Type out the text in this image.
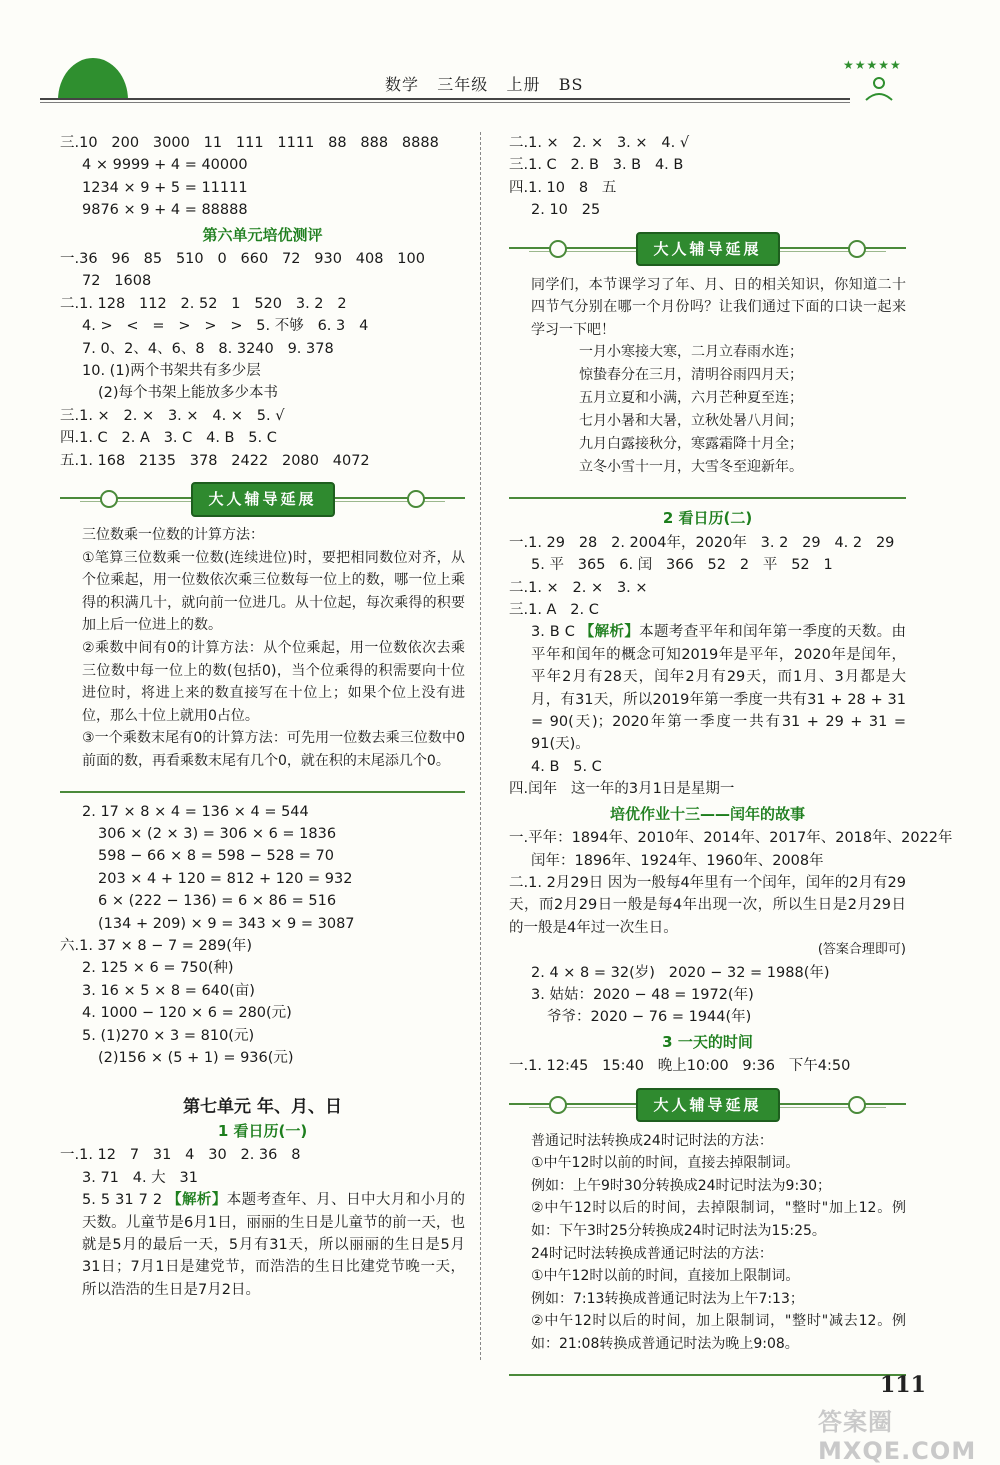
数学   三年级   上册   BS
★★★★★
三.10   200   3000   11   111   1111   88   888   8888
4 × 9999 + 4 = 40000
1234 × 9 + 5 = 11111
9876 × 9 + 4 = 88888
第六单元培优测评
一.36   96   85   510   0   660   72   930   408   100
72   1608
二.1. 128   112   2. 52   1   520   3. 2   2
4. >   <   =   >   >   >   5. 不够   6. 3   4
7. 0、2、4、6、8   8. 3240   9. 378
10. (1)两个书架共有多少层
(2)每个书架上能放多少本书
三.1. ×   2. ×   3. ×   4. ×   5. √
四.1. C   2. A   3. C   4. B   5. C
五.1. 168   2135   378   2422   2080   4072
大人辅导延展
三位数乘一位数的计算方法：
①笔算三位数乘一位数(连续进位)时，要把相同数位对齐，从个位乘起，用一位数依次乘三位数每一位上的数，哪一位上乘得的积满几十，就向前一位进几。从十位起，每次乘得的积要加上后一位进上的数。
②乘数中间有0的计算方法：从个位乘起，用一位数依次去乘三位数中每一位上的数(包括0)，当个位乘得的积需要向十位进位时，将进上来的数直接写在十位上；如果个位上没有进位，那么十位上就用0占位。
③一个乘数末尾有0的计算方法：可先用一位数去乘三位数中0前面的数，再看乘数末尾有几个0，就在积的末尾添几个0。
2. 17 × 8 × 4 = 136 × 4 = 544
306 × (2 × 3) = 306 × 6 = 1836
598 − 66 × 8 = 598 − 528 = 70
203 × 4 + 120 = 812 + 120 = 932
6 × (222 − 136) = 6 × 86 = 516
(134 + 209) × 9 = 343 × 9 = 3087
六.1. 37 × 8 − 7 = 289(年)
2. 125 × 6 = 750(种)
3. 16 × 5 × 8 = 640(亩)
4. 1000 − 120 × 6 = 280(元)
5. (1)270 × 3 = 810(元)
(2)156 × (5 + 1) = 936(元)
第七单元 年、月、日
1 看日历(一)
一.1. 12   7   31   4   30   2. 36   8
3. 71   4. 大   31
5. 5 31 7 2 【解析】本题考查年、月、日中大月和小月的天数。儿童节是6月1日，丽丽的生日是儿童节的前一天，也就是5月的最后一天，5月有31天，所以丽丽的生日是5月31日；7月1日是建党节，而浩浩的生日比建党节晚一天，所以浩浩的生日是7月2日。
二.1. ×   2. ×   3. ×   4. √
三.1. C   2. B   3. B   4. B
四.1. 10   8   五
2. 10   25
大人辅导延展
同学们，本节课学习了年、月、日的相关知识，你知道二十四节气分别在哪一个月份吗？让我们通过下面的口诀一起来学习一下吧！
一月小寒接大寒，二月立春雨水连；
惊蛰春分在三月，清明谷雨四月天；
五月立夏和小满，六月芒种夏至连；
七月小暑和大暑，立秋处暑八月间；
九月白露接秋分，寒露霜降十月全；
立冬小雪十一月，大雪冬至迎新年。
2 看日历(二)
一.1. 29   28   2. 2004年，2020年   3. 2   29   4. 2   29
5. 平   365   6. 闰   366   52   2   平   52   1
二.1. ×   2. ×   3. ×
三.1. A   2. C
3. B C 【解析】本题考查平年和闰年第一季度的天数。由平年和闰年的概念可知2019年是平年，2020年是闰年，平年2月有28天，闰年2月有29天，而1月、3月都是大月，有31天，所以2019年第一季度一共有31 + 28 + 31 = 90(天)；2020年第一季度一共有31 + 29 + 31 = 91(天)。
4. B   5. C
四.闰年   这一年的3月1日是星期一
培优作业十三——闰年的故事
一.平年：1894年、2010年、2014年、2017年、2018年、2022年
闰年：1896年、1924年、1960年、2008年
二.1. 2月29日 因为一般每4年里有一个闰年，闰年的2月有29天，而2月29日一般是每4年出现一次，所以生日是2月29日的一般是4年过一次生日。
(答案合理即可)
2. 4 × 8 = 32(岁)   2020 − 32 = 1988(年)
3. 姑姑：2020 − 48 = 1972(年)
爷爷：2020 − 76 = 1944(年)
3 一天的时间
一.1. 12:45   15:40   晚上10:00   9:36   下午4:50
大人辅导延展
普通记时法转换成24时记时法的方法：
①中午12时以前的时间，直接去掉限制词。
例如：上午9时30分转换成24时记时法为9:30；
②中午12时以后的时间，去掉限制词，"整时"加上12。例如：下午3时25分转换成24时记时法为15:25。
24时记时法转换成普通记时法的方法：
①中午12时以前的时间，直接加上限制词。
例如：7:13转换成普通记时法为上午7:13；
②中午12时以后的时间，加上限制词，"整时"减去12。例如：21:08转换成普通记时法为晚上9:08。
111
答案圈 MXQE.COM
